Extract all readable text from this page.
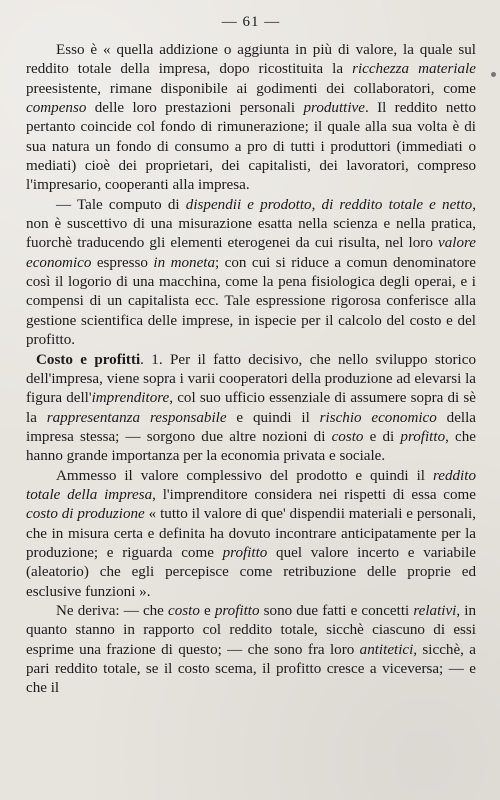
— 61 —

Esso è « quella addizione o aggiunta in più di valore, la quale sul reddito totale della impresa, dopo ricostituita la ricchezza materiale preesistente, rimane disponibile ai godimenti dei collaboratori, come compenso delle loro prestazioni personali produttive. Il reddito netto pertanto coincide col fondo di rimunerazione; il quale alla sua volta è di sua natura un fondo di consumo a pro di tutti i produttori (immediati o mediati) cioè dei proprietari, dei capitalisti, dei lavoratori, compreso l'impresario, cooperanti alla impresa.

— Tale computo di dispendii e prodotto, di reddito totale e netto, non è suscettivo di una misurazione esatta nella scienza e nella pratica, fuorchè traducendo gli elementi eterogenei da cui risulta, nel loro valore economico espresso in moneta; con cui si riduce a comun denominatore così il logorio di una macchina, come la pena fisiologica degli operai, e i compensi di un capitalista ecc. Tale espressione rigorosa conferisce alla gestione scientifica delle imprese, in ispecie per il calcolo del costo e del profitto.

Costo e profitti. 1. Per il fatto decisivo, che nello sviluppo storico dell'impresa, viene sopra i varii cooperatori della produzione ad elevarsi la figura dell'imprenditore, col suo ufficio essenziale di assumere sopra di sè la rappresentanza responsabile e quindi il rischio economico della impresa stessa; — sorgono due altre nozioni di costo e di profitto, che hanno grande importanza per la economia privata e sociale.

Ammesso il valore complessivo del prodotto e quindi il reddito totale della impresa, l'imprenditore considera nei rispetti di essa come costo di produzione « tutto il valore di que' dispendii materiali e personali, che in misura certa e definita ha dovuto incontrare anticipatamente per la produzione; e riguarda come profitto quel valore incerto e variabile (aleatorio) che egli percepisce come retribuzione delle proprie ed esclusive funzioni ».

Ne deriva: — che costo e profitto sono due fatti e concetti relativi, in quanto stanno in rapporto col reddito totale, sicchè ciascuno di essi esprime una frazione di questo; — che sono fra loro antitetici, sicchè, a pari reddito totale, se il costo scema, il profitto cresce a viceversa; — e che il
